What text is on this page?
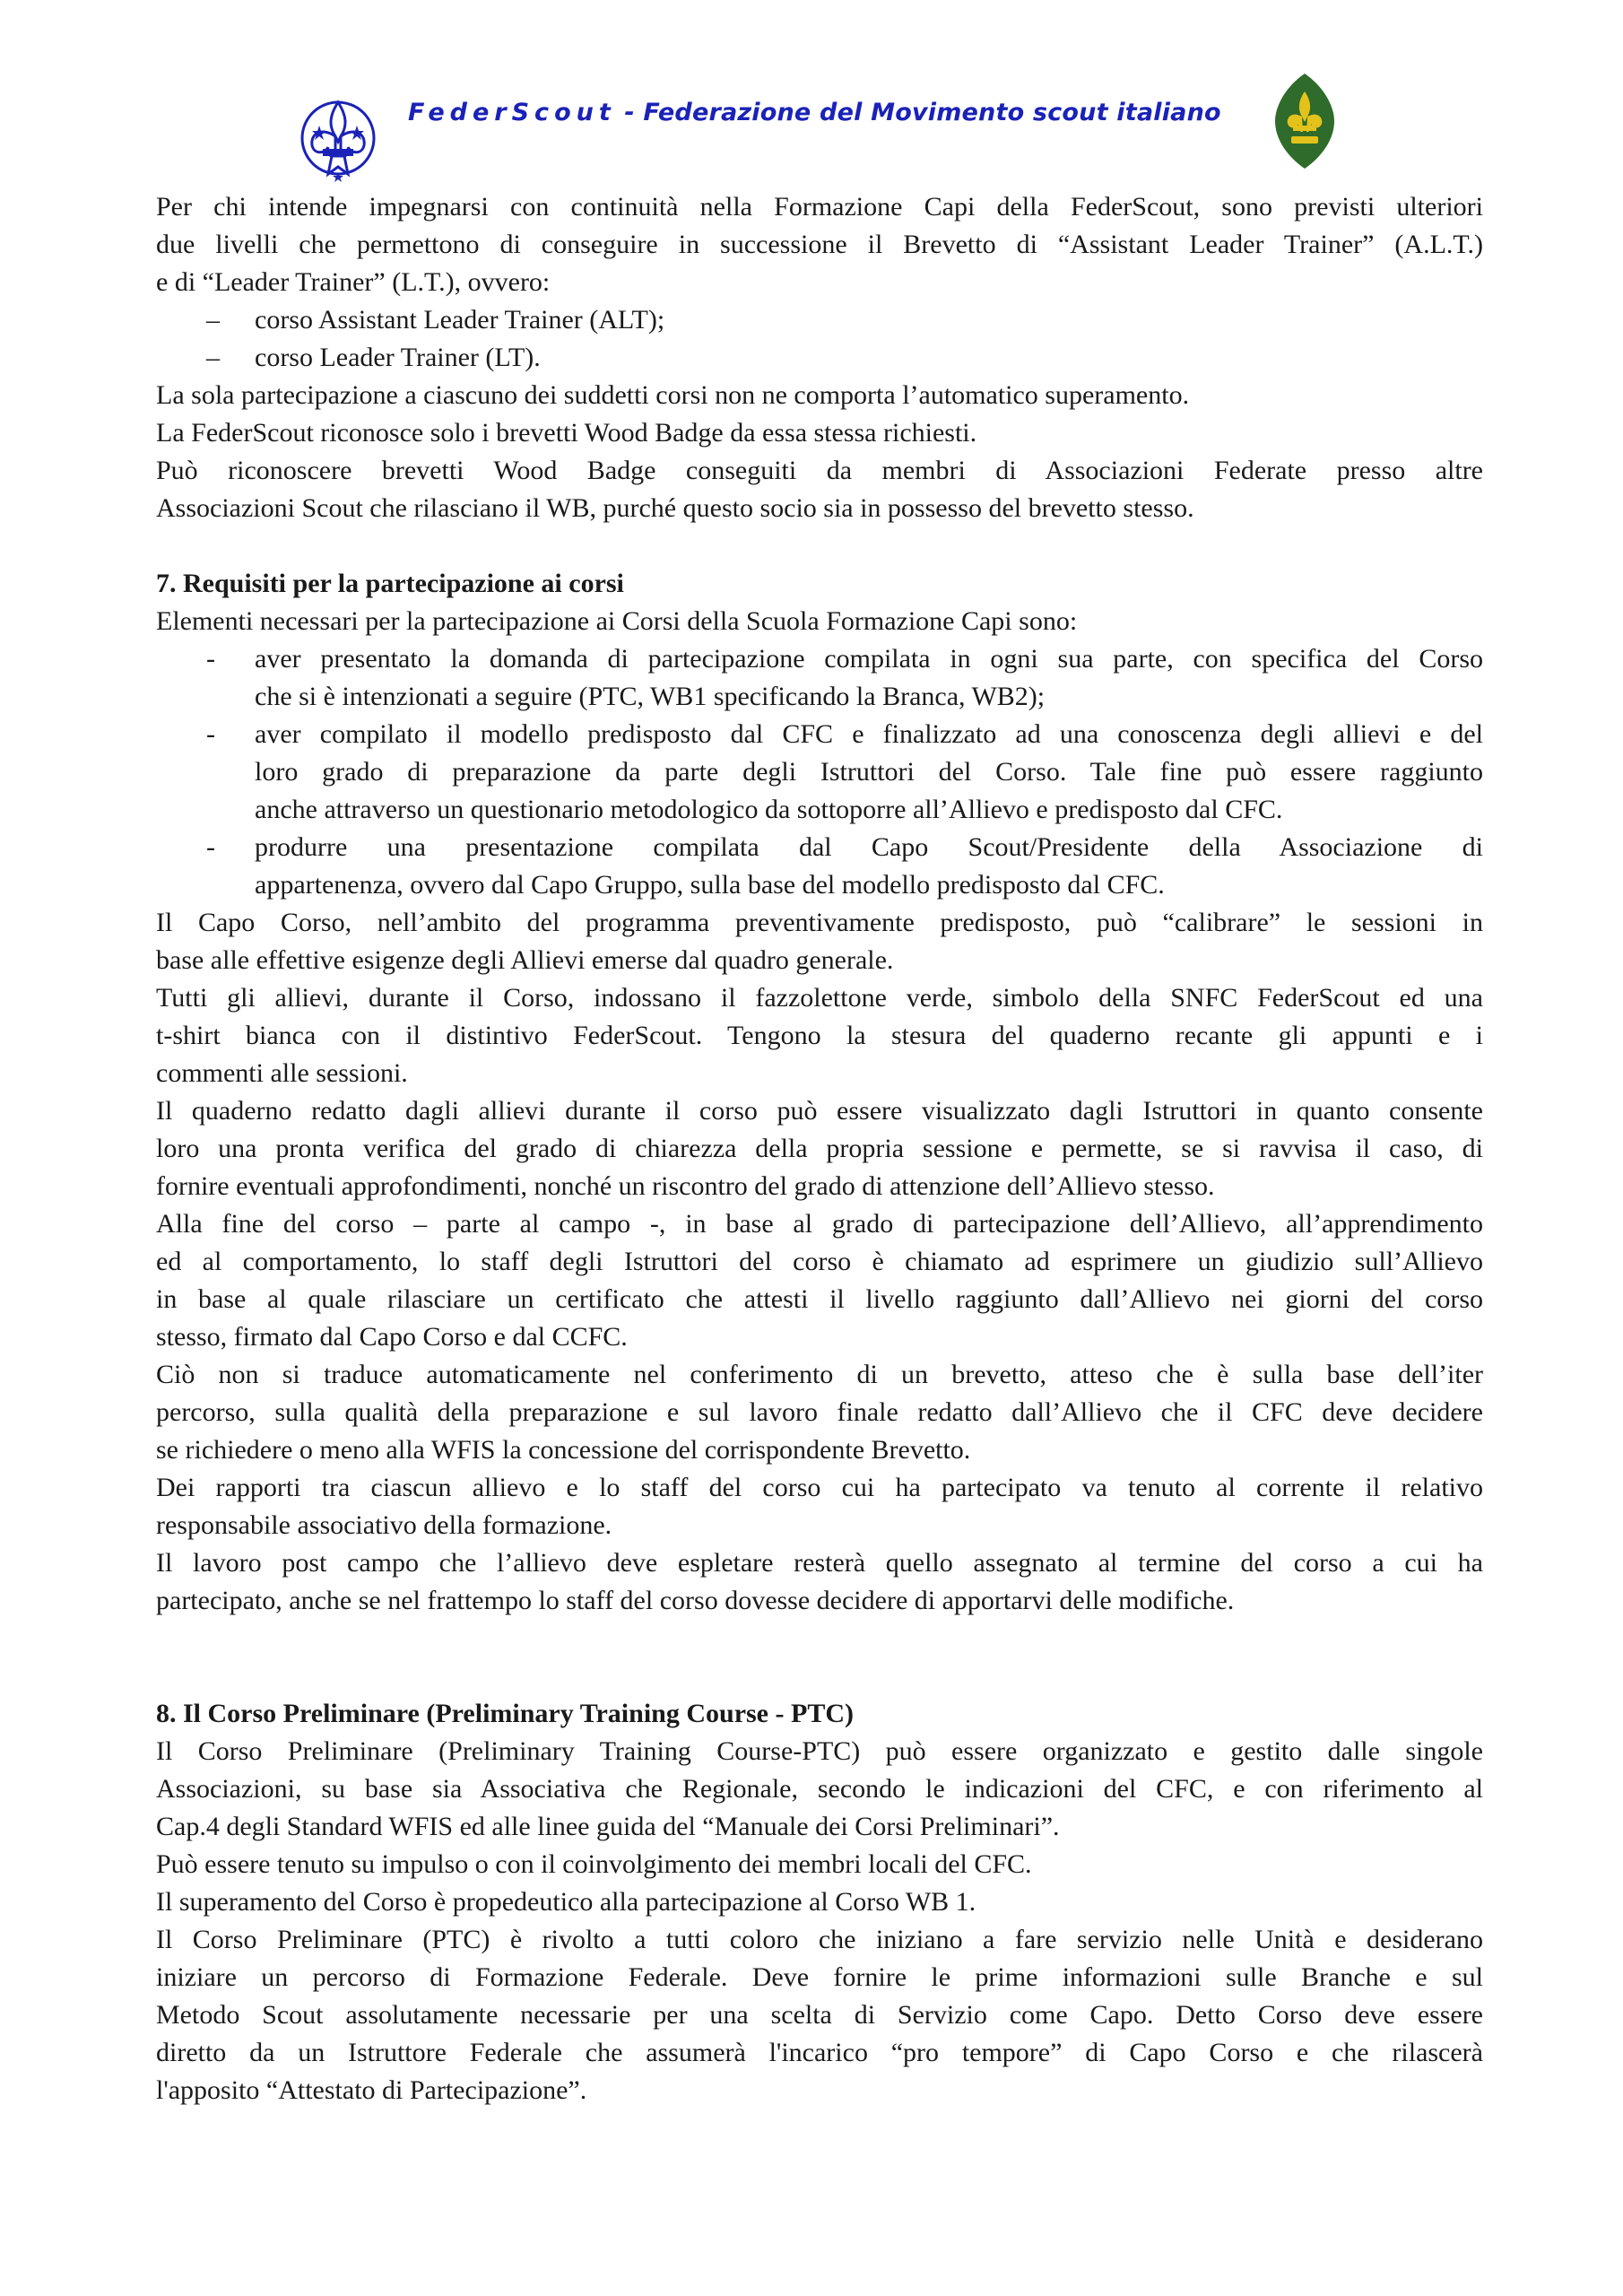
FederScout - Federazione del Movimento scout italiano
Per chi intende impegnarsi con continuità nella Formazione Capi della FederScout, sono previsti ulteriori
due livelli che permettono di conseguire in successione il Brevetto di “Assistant Leader Trainer” (A.L.T.)
e di “Leader Trainer” (L.T.), ovvero:
– corso Assistant Leader Trainer (ALT);
– corso Leader Trainer (LT).
La sola partecipazione a ciascuno dei suddetti corsi non ne comporta l’automatico superamento.
La FederScout riconosce solo i brevetti Wood Badge da essa stessa richiesti.
Può riconoscere brevetti Wood Badge conseguiti da membri di Associazioni Federate presso altre
Associazioni Scout che rilasciano il WB, purché questo socio sia in possesso del brevetto stesso.
7. Requisiti per la partecipazione ai corsi
Elementi necessari per la partecipazione ai Corsi della Scuola Formazione Capi sono:
- aver presentato la domanda di partecipazione compilata in ogni sua parte, con specifica del Corso
che si è intenzionati a seguire (PTC, WB1 specificando la Branca, WB2);
- aver compilato il modello predisposto dal CFC e finalizzato ad una conoscenza degli allievi e del
loro grado di preparazione da parte degli Istruttori del Corso. Tale fine può essere raggiunto
anche attraverso un questionario metodologico da sottoporre all’Allievo e predisposto dal CFC.
- produrre una presentazione compilata dal Capo Scout/Presidente della Associazione di
appartenenza, ovvero dal Capo Gruppo, sulla base del modello predisposto dal CFC.
Il Capo Corso, nell’ambito del programma preventivamente predisposto, può “calibrare” le sessioni in
base alle effettive esigenze degli Allievi emerse dal quadro generale.
Tutti gli allievi, durante il Corso, indossano il fazzolettone verde, simbolo della SNFC FederScout ed una
t-shirt bianca con il distintivo FederScout. Tengono la stesura del quaderno recante gli appunti e i
commenti alle sessioni.
Il quaderno redatto dagli allievi durante il corso può essere visualizzato dagli Istruttori in quanto consente
loro una pronta verifica del grado di chiarezza della propria sessione e permette, se si ravvisa il caso, di
fornire eventuali approfondimenti, nonché un riscontro del grado di attenzione dell’Allievo stesso.
Alla fine del corso – parte al campo -, in base al grado di partecipazione dell’Allievo, all’apprendimento
ed al comportamento, lo staff degli Istruttori del corso è chiamato ad esprimere un giudizio sull’Allievo
in base al quale rilasciare un certificato che attesti il livello raggiunto dall’Allievo nei giorni del corso
stesso, firmato dal Capo Corso e dal CCFC.
Ciò non si traduce automaticamente nel conferimento di un brevetto, atteso che è sulla base dell’iter
percorso, sulla qualità della preparazione e sul lavoro finale redatto dall’Allievo che il CFC deve decidere
se richiedere o meno alla WFIS la concessione del corrispondente Brevetto.
Dei rapporti tra ciascun allievo e lo staff del corso cui ha partecipato va tenuto al corrente il relativo
responsabile associativo della formazione.
Il lavoro post campo che l’allievo deve espletare resterà quello assegnato al termine del corso a cui ha
partecipato, anche se nel frattempo lo staff del corso dovesse decidere di apportarvi delle modifiche.
8. Il Corso Preliminare (Preliminary Training Course - PTC)
Il Corso Preliminare (Preliminary Training Course-PTC) può essere organizzato e gestito dalle singole
Associazioni, su base sia Associativa che Regionale, secondo le indicazioni del CFC, e con riferimento al
Cap.4 degli Standard WFIS ed alle linee guida del “Manuale dei Corsi Preliminari”.
Può essere tenuto su impulso o con il coinvolgimento dei membri locali del CFC.
Il superamento del Corso è propedeutico alla partecipazione al Corso WB 1.
Il Corso Preliminare (PTC) è rivolto a tutti coloro che iniziano a fare servizio nelle Unità e desiderano
iniziare un percorso di Formazione Federale. Deve fornire le prime informazioni sulle Branche e sul
Metodo Scout assolutamente necessarie per una scelta di Servizio come Capo. Detto Corso deve essere
diretto da un Istruttore Federale che assumerà l'incarico “pro tempore” di Capo Corso e che rilascerà
l'apposito “Attestato di Partecipazione”.
